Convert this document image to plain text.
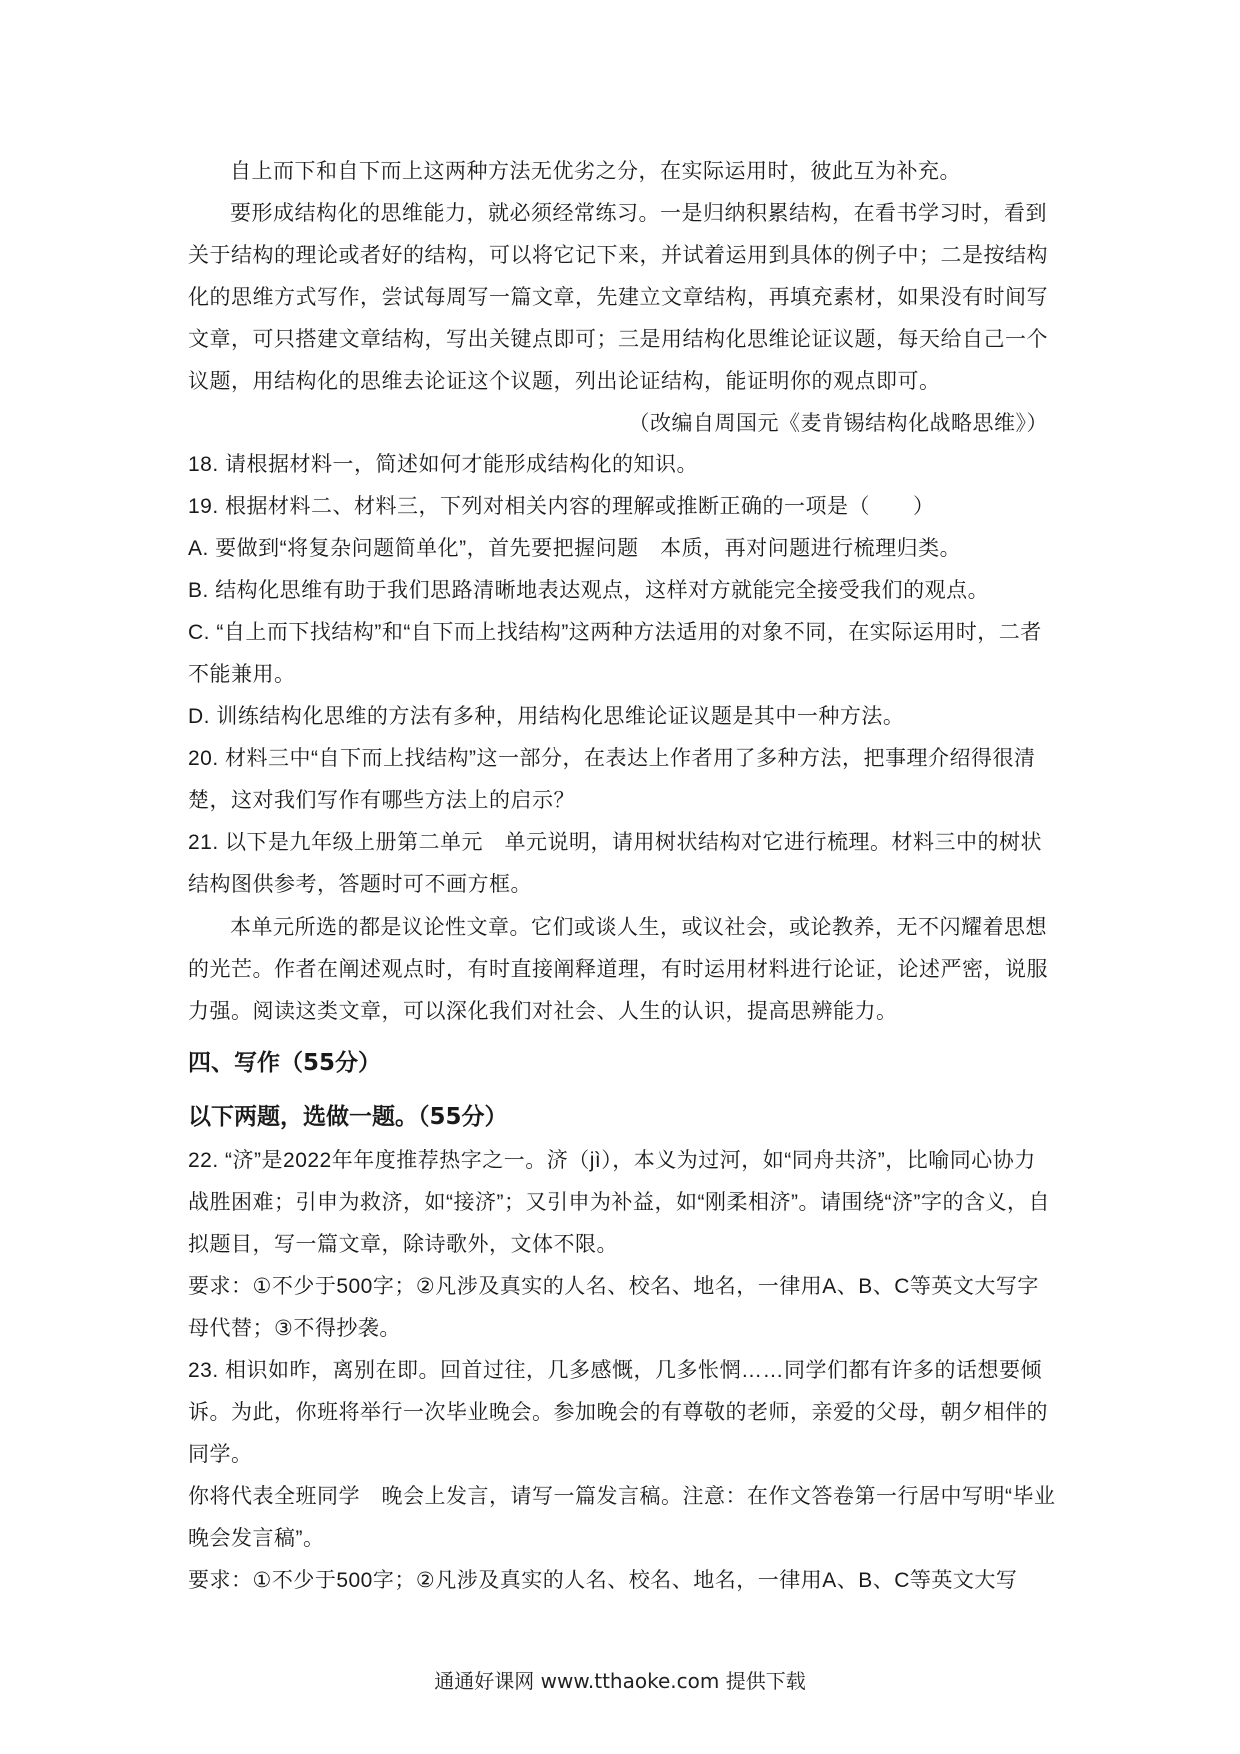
自上而下和自下而上这两种方法无优劣之分，在实际运用时，彼此互为补充。

要形成结构化的思维能力，就必须经常练习。一是归纳积累结构，在看书学习时，看到关于结构的理论或者好的结构，可以将它记下来，并试着运用到具体的例子中；二是按结构化的思维方式写作，尝试每周写一篇文章，先建立文章结构，再填充素材，如果没有时间写文章，可只搭建文章结构，写出关键点即可；三是用结构化思维论证议题，每天给自己一个议题，用结构化的思维去论证这个议题，列出论证结构，能证明你的观点即可。

（改编自周国元《麦肯锡结构化战略思维》）

18. 请根据材料一，简述如何才能形成结构化的知识。

19. 根据材料二、材料三，下列对相关内容的理解或推断正确的一项是（　　）

A. 要做到“将复杂问题简单化”，首先要把握问题　本质，再对问题进行梳理归类。

B. 结构化思维有助于我们思路清晰地表达观点，这样对方就能完全接受我们的观点。

C. “自上而下找结构”和“自下而上找结构”这两种方法适用的对象不同，在实际运用时，二者不能兼用。

D. 训练结构化思维的方法有多种，用结构化思维论证议题是其中一种方法。

20. 材料三中“自下而上找结构”这一部分，在表达上作者用了多种方法，把事理介绍得很清楚，这对我们写作有哪些方法上的启示？

21. 以下是九年级上册第二单元　单元说明，请用树状结构对它进行梳理。材料三中的树状结构图供参考，答题时可不画方框。

本单元所选的都是议论性文章。它们或谈人生，或议社会，或论教养，无不闪耀着思想的光芒。作者在阐述观点时，有时直接阐释道理，有时运用材料进行论证，论述严密，说服力强。阅读这类文章，可以深化我们对社会、人生的认识，提高思辨能力。

四、写作（55分）
以下两题，选做一题。（55分）

22. “济”是2022年年度推荐热字之一。济（jì），本义为过河，如“同舟共济”，比喻同心协力战胜困难；引申为救济，如“接济”；又引申为补益，如“刚柔相济”。请围绕“济”字的含义，自拟题目，写一篇文章，除诗歌外，文体不限。

要求：①不少于500字；②凡涉及真实的人名、校名、地名，一律用A、B、C等英文大写字母代替；③不得抄袭。

23. 相识如昨，离别在即。回首过往，几多感慨，几多怅惘……同学们都有许多的话想要倾诉。为此，你班将举行一次毕业晚会。参加晚会的有尊敬的老师，亲爱的父母，朝夕相伴的同学。

你将代表全班同学　晚会上发言，请写一篇发言稿。注意：在作文答卷第一行居中写明“毕业晚会发言稿”。

要求：①不少于500字；②凡涉及真实的人名、校名、地名，一律用A、B、C等英文大写

通通好课网 www.tthaoke.com 提供下载
